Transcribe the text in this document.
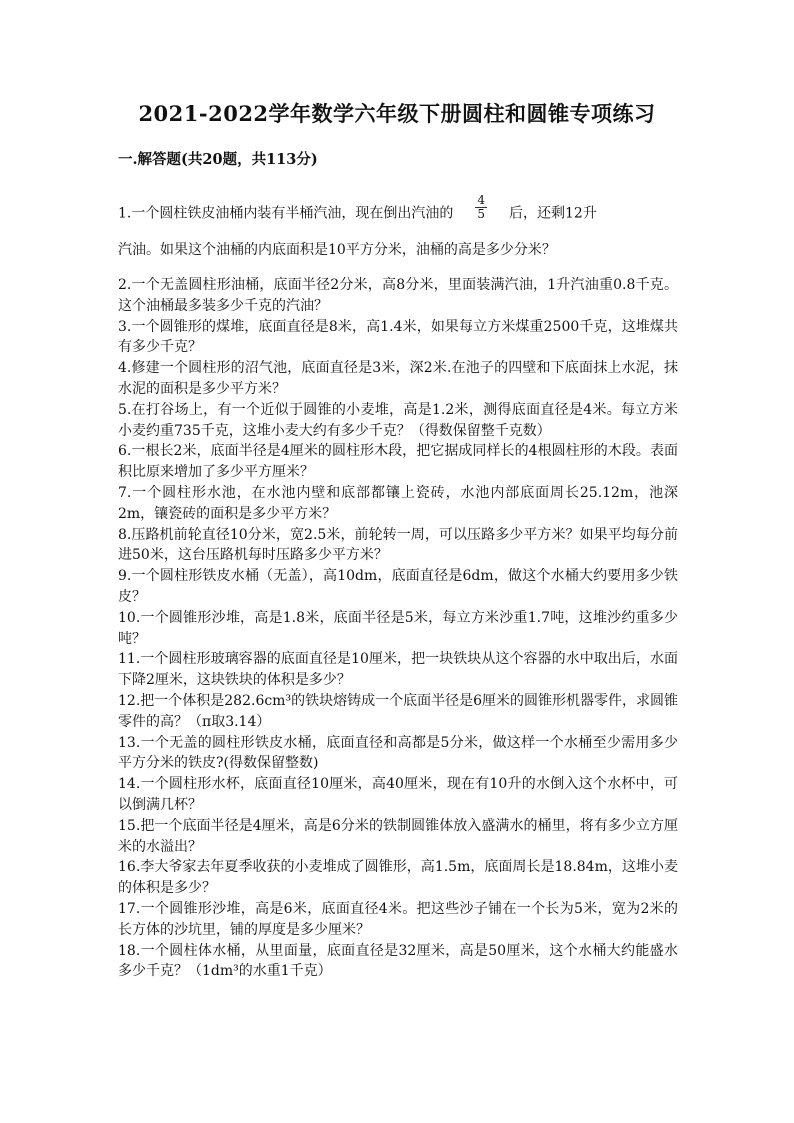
2021-2022学年数学六年级下册圆柱和圆锥专项练习
一.解答题(共20题，共113分)
1.一个圆柱铁皮油桶内装有半桶汽油，现在倒出汽油的 $\frac{4}{5}$ 后，还剩12升
汽油。如果这个油桶的内底面积是10平方分米，油桶的高是多少分米？

2.一个无盖圆柱形油桶，底面半径2分米，高8分米，里面装满汽油，1升汽油重0.8千克。这个油桶最多装多少千克的汽油？

3.一个圆锥形的煤堆，底面直径是8米，高1.4米，如果每立方米煤重2500千克，这堆煤共有多少千克？

4.修建一个圆柱形的沼气池，底面直径是3米，深2米.在池子的四壁和下底面抹上水泥，抹水泥的面积是多少平方米？

5.在打谷场上，有一个近似于圆锥的小麦堆，高是1.2米，测得底面直径是4米。每立方米小麦约重735千克，这堆小麦大约有多少千克？（得数保留整千克数）

6.一根长2米，底面半径是4厘米的圆柱形木段，把它据成同样长的4根圆柱形的木段。表面积比原来增加了多少平方厘米？

7.一个圆柱形水池，在水池内壁和底部都镶上瓷砖，水池内部底面周长25.12m，池深2m，镶瓷砖的面积是多少平方米？

8.压路机前轮直径10分米，宽2.5米，前轮转一周，可以压路多少平方米？如果平均每分前进50米，这台压路机每时压路多少平方米？

9.一个圆柱形铁皮水桶（无盖），高10dm，底面直径是6dm，做这个水桶大约要用多少铁皮？

10.一个圆锥形沙堆，高是1.8米，底面半径是5米，每立方米沙重1.7吨，这堆沙约重多少吨？

11.一个圆柱形玻璃容器的底面直径是10厘米，把一块铁块从这个容器的水中取出后，水面下降2厘米，这块铁块的体积是多少？

12.把一个体积是282.6cm³的铁块熔铸成一个底面半径是6厘米的圆锥形机器零件，求圆锥零件的高？（π取3.14）

13.一个无盖的圆柱形铁皮水桶，底面直径和高都是5分米，做这样一个水桶至少需用多少平方分米的铁皮?(得数保留整数)

14.一个圆柱形水杯，底面直径10厘米，高40厘米，现在有10升的水倒入这个水杯中，可以倒满几杯？

15.把一个底面半径是4厘米，高是6分米的铁制圆锥体放入盛满水的桶里，将有多少立方厘米的水溢出？

16.李大爷家去年夏季收获的小麦堆成了圆锥形，高1.5m，底面周长是18.84m，这堆小麦的体积是多少？

17.一个圆锥形沙堆，高是6米，底面直径4米。把这些沙子铺在一个长为5米，宽为2米的长方体的沙坑里，铺的厚度是多少厘米？

18.一个圆柱体水桶，从里面量，底面直径是32厘米，高是50厘米，这个水桶大约能盛水多少千克？（1dm³的水重1千克）
